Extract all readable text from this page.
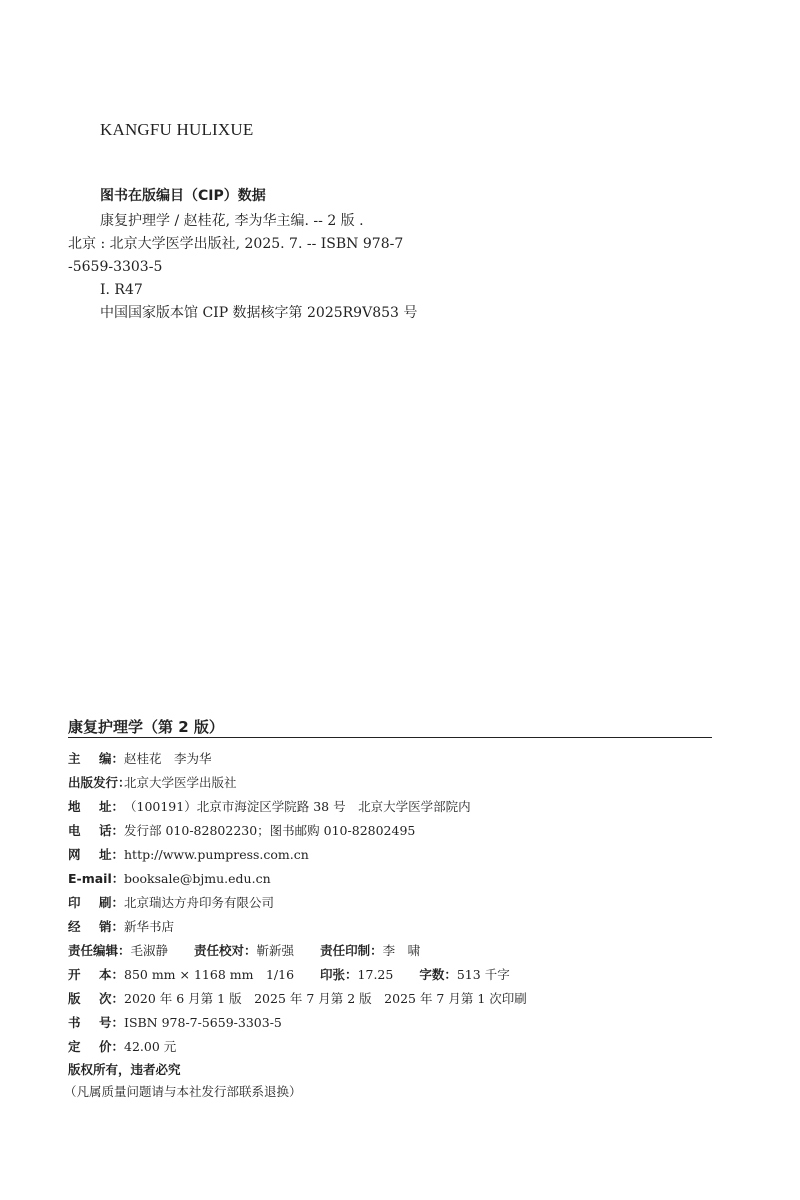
KANGFU HULIXUE
图书在版编目（CIP）数据
康复护理学 / 赵桂花, 李为华主编. -- 2 版 .
北京 : 北京大学医学出版社, 2025. 7. -- ISBN 978-7
-5659-3303-5
Ⅰ. R47
中国国家版本馆 CIP 数据核字第 2025R9V853 号
康复护理学（第 2 版）
主 编： 赵桂花　李为华
出版发行：
北京大学医学出版社
地 址： （100191）北京市海淀区学院路 38 号　北京大学医学部院内
电 话： 发行部 010-82802230；图书邮购 010-82802495
网 址： http://www.pumpress.com.cn
E-mail： booksale@bjmu.edu.cn
印 刷： 北京瑞达方舟印务有限公司
经 销： 新华书店
责任编辑： 毛淑静 责任校对： 靳新强 责任印制： 李　啸
开 本： 850 mm × 1168 mm　1/16 印张： 17.25 字数： 513 千字
版 次： 2020 年 6 月第 1 版　2025 年 7 月第 2 版　2025 年 7 月第 1 次印刷
书 号： ISBN 978-7-5659-3303-5
定 价： 42.00 元
版权所有，违者必究
（凡属质量问题请与本社发行部联系退换）
